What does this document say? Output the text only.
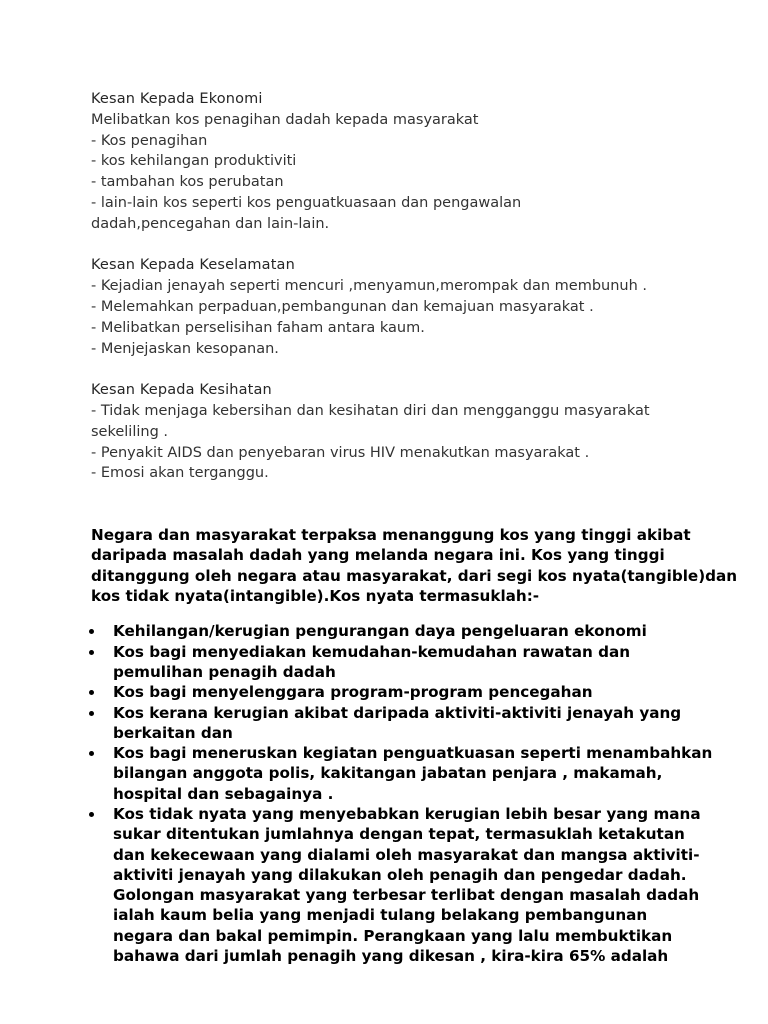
Kesan Kepada Ekonomi
Melibatkan kos penagihan dadah kepada masyarakat
- Kos penagihan
- kos kehilangan produktiviti
- tambahan kos perubatan
- lain-lain kos seperti kos penguatkuasaan dan pengawalan
dadah,pencegahan dan lain-lain.
Kesan Kepada Keselamatan
- Kejadian jenayah seperti mencuri ,menyamun,merompak dan membunuh .
- Melemahkan perpaduan,pembangunan dan kemajuan masyarakat .
- Melibatkan perselisihan faham antara kaum.
- Menjejaskan kesopanan.
Kesan Kepada Kesihatan
- Tidak menjaga kebersihan dan kesihatan diri dan mengganggu masyarakat
sekeliling .
- Penyakit AIDS dan penyebaran virus HIV menakutkan masyarakat .
- Emosi akan terganggu.
Negara dan masyarakat terpaksa menanggung kos yang tinggi akibat
daripada masalah dadah yang melanda negara ini. Kos yang tinggi
ditanggung oleh negara atau masyarakat, dari segi kos nyata(tangible)dan
kos tidak nyata(intangible).Kos nyata termasuklah:-
Kehilangan/kerugian pengurangan daya pengeluaran ekonomi
Kos bagi menyediakan kemudahan-kemudahan rawatan dan
pemulihan penagih dadah
Kos bagi menyelenggara program-program pencegahan
Kos kerana kerugian akibat daripada aktiviti-aktiviti jenayah yang
berkaitan dan
Kos bagi meneruskan kegiatan penguatkuasan seperti menambahkan
bilangan anggota polis, kakitangan jabatan penjara , makamah,
hospital dan sebagainya .
Kos tidak nyata yang menyebabkan kerugian lebih besar yang mana
sukar ditentukan jumlahnya dengan tepat, termasuklah ketakutan
dan kekecewaan yang dialami oleh masyarakat dan mangsa aktiviti-
aktiviti jenayah yang dilakukan oleh penagih dan pengedar dadah.
Golongan masyarakat yang terbesar terlibat dengan masalah dadah
ialah kaum belia yang menjadi tulang belakang pembangunan
negara dan bakal pemimpin. Perangkaan yang lalu membuktikan
bahawa dari jumlah penagih yang dikesan , kira-kira 65% adalah
